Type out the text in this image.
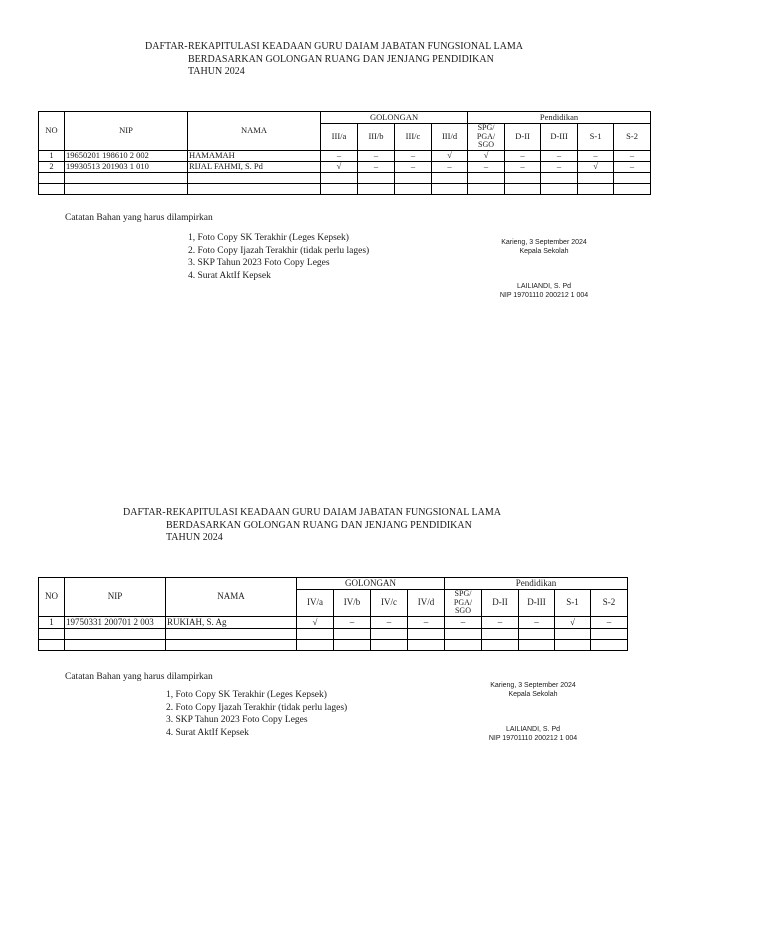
DAFTAR- REKAPITULASI KEADAAN GURU DAIAM JABATAN FUNGSIONAL LAMA
BERDASARKAN GOLONGAN RUANG DAN JENJANG PENDIDIKAN
TAHUN 2024
NO	NIP	NAMA	GOLONGAN				Pendidikan				
			III/a	III/b	III/c	III/d	SPG/ PGA/ SGO	D-II	D-III	S-1	S-2
1	19650201 198610 2 002	HAMAMAH	–	–	–	√	√	–	–	–	–
2	19930513 201903 1 010	RIJAL FAHMI, S. Pd	√	–	–	–	–	–	–	√	–

Catatan Bahan yang harus dilampirkan
1, Foto Copy SK Terakhir (Leges Kepsek)
2. Foto Copy Ijazah Terakhir (tidak perlu lages)
3. SKP Tahun 2023 Foto Copy Leges
4. Surat AktIf Kepsek
Karieng, 3 September 2024
Kepala Sekolah
LAILIANDI, S. Pd
NIP 19701110 200212 1 004
DAFTAR- REKAPITULASI KEADAAN GURU DAIAM JABATAN FUNGSIONAL LAMA
BERDASARKAN GOLONGAN RUANG DAN JENJANG PENDIDIKAN
TAHUN 2024
NO	NIP	NAMA	GOLONGAN				Pendidikan				
			IV/a	IV/b	IV/c	IV/d	SPG/ PGA/ SGO	D-II	D-III	S-1	S-2
1	19750331 200701 2 003	RUKIAH, S. Ag	√	–	–	–	–	–	–	√	–

Catatan Bahan yang harus dilampirkan
1, Foto Copy SK Terakhir (Leges Kepsek)
2. Foto Copy Ijazah Terakhir (tidak perlu lages)
3. SKP Tahun 2023 Foto Copy Leges
4. Surat AktIf Kepsek
Karieng, 3 September 2024
Kepala Sekolah
LAILIANDI, S. Pd
NIP 19701110 200212 1 004
